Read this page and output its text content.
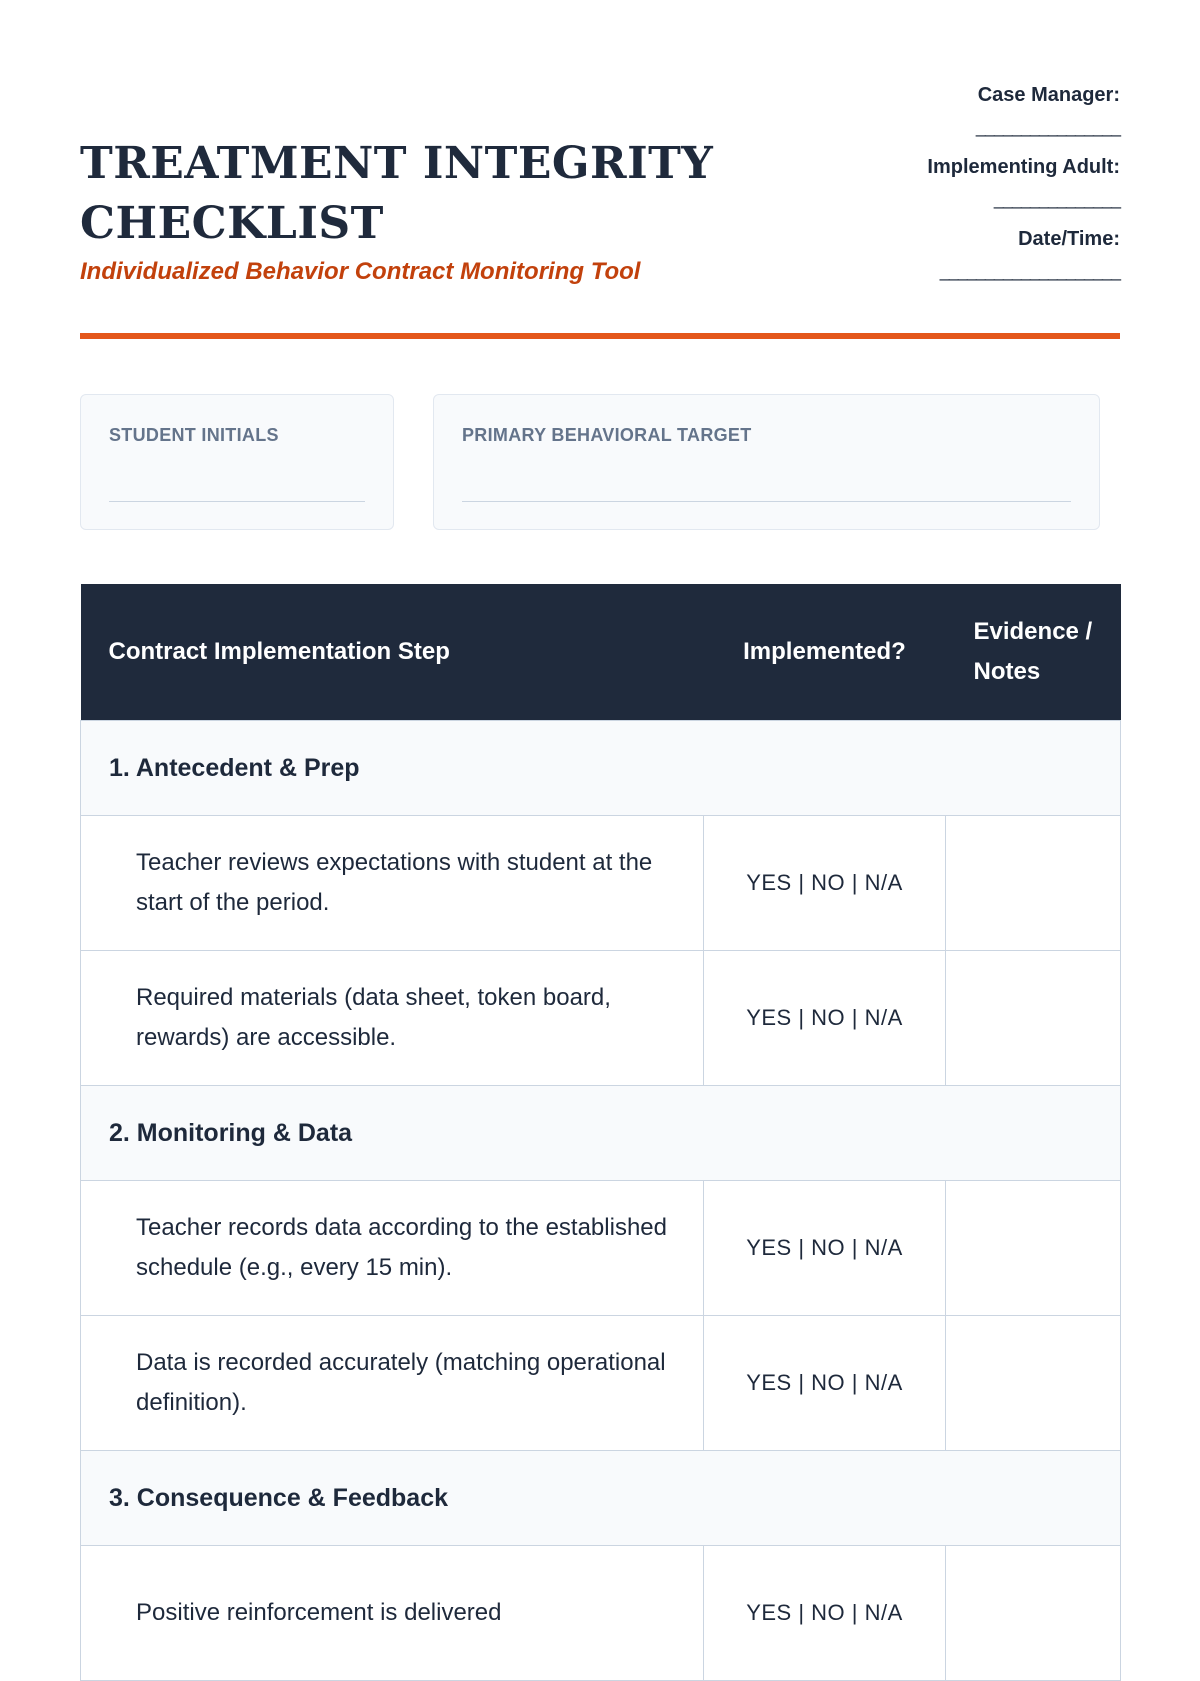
TREATMENT INTEGRITY
CHECKLIST

Individualized Behavior Contract Monitoring Tool

Case Manager:
________________
Implementing Adult:
______________
Date/Time:
____________________
STUDENT INITIALS	PRIMARY BEHAVIORAL TARGET
Contract Implementation Step	Implemented?	Evidence / Notes
1. Antecedent & Prep		
Teacher reviews expectations with student at the start of the period.	YES | NO | N/A	
Required materials (data sheet, token board, rewards) are accessible.	YES | NO | N/A	
2. Monitoring & Data		
Teacher records data according to the established schedule (e.g., every 15 min).	YES | NO | N/A	
Data is recorded accurately (matching operational definition).	YES | NO | N/A	
3. Consequence & Feedback		
Positive reinforcement is delivered	YES | NO | N/A	
